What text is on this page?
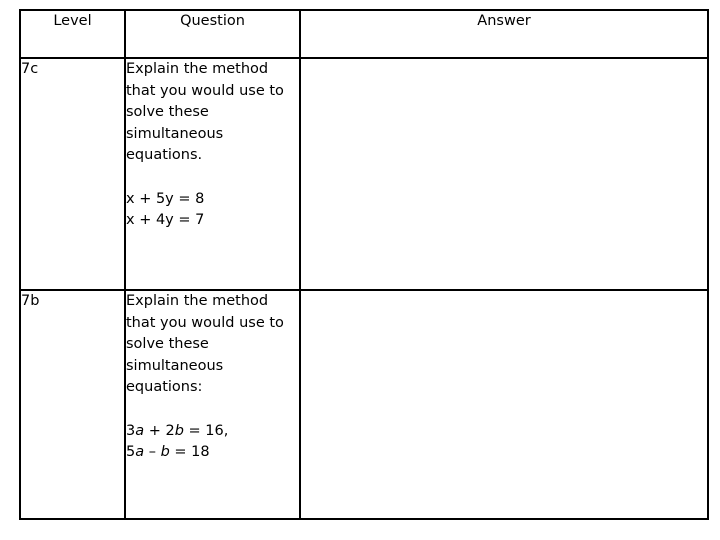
Level	Question	Answer
7c	Explain the method that you would use to solve these simultaneous equations.
x + 5y = 8
x + 4y = 7	

7b	Explain the method that you would use to solve these simultaneous equations:
3a + 2b = 16,
5a – b = 18	
